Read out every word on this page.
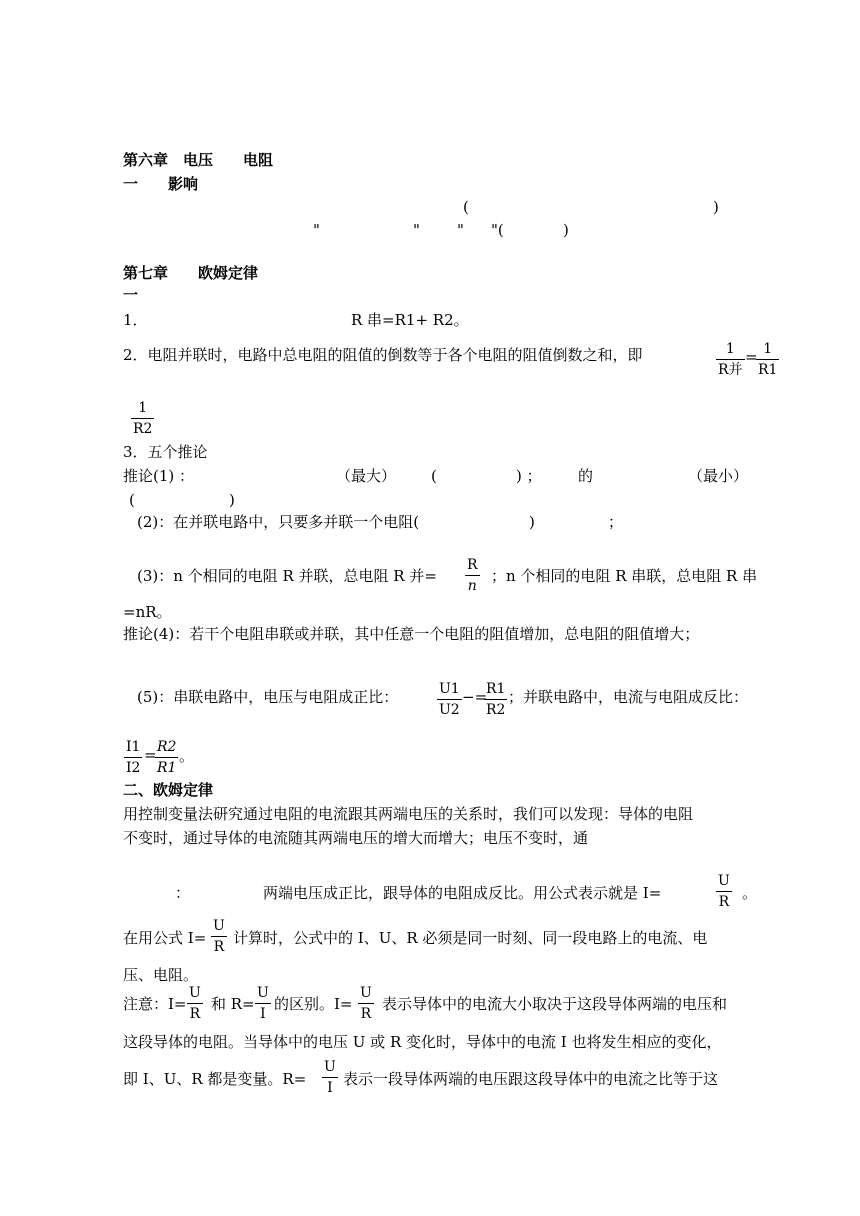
第六章　电压　　电阻
一　　影响
(	)
"	" " "(	)
第七章　　欧姆定律
一
1．	R 串=R1+ R2。
2．电阻并联时，电路中总电阻的阻值的倒数等于各个电阻的阻值倒数之和，即	1
R并
=
$\frac{1}{R1}$
$\frac{1}{R2}$
3．五个推论
推论(1) ：	（最大） (	) ； 的	（最小）
(	)
(2)：在并联电路中，只要多并联一个电阻(	)	；
(3)：n 个相同的电阻 R 并联，总电阻 R 并= $\frac{R}{n}$ ；n 个相同的电阻 R 串联，总电阻 R 串
=nR。
推论(4)：若干个电阻串联或并联，其中任意一个电阻的阻值增加，总电阻的阻值增大；
(5)：串联电路中，电压与电阻成正比：	$\frac{U1}{U2}$ −=
$\frac{R1}{R2}$ ；并联电路中，电流与电阻成反比：
$\frac{I1}{I2}$ =
$\frac{R2}{R1}$ 。
二、欧姆定律
用控制变量法研究通过电阻的电流跟其两端电压的关系时，我们可以发现：导体的电阻
不变时，通过导体的电流随其两端电压的增大而增大；电压不变时，通
：	两端电压成正比，跟导体的电阻成反比。用公式表示就是 I=	$\frac{U}{R}$ 。
在用公式 $I= \frac{U}{R}$ 计算时，公式中的 I、U、R 必须是同一时刻、同一段电路上的电流、电
压、电阻。
注意：$I= \frac{U}{R}$ 和 $R= \frac{U}{I}$ 的区别。$I= \frac{U}{R}$ 表示导体中的电流大小取决于这段导体两端的电压和
这段导体的电阻。当导体中的电压 U 或 R 变化时，导体中的电流 I 也将发生相应的变化，
即 I、U、R 都是变量。$R= \frac{U}{I}$ 表示一段导体两端的电压跟这段导体中的电流之比等于这
